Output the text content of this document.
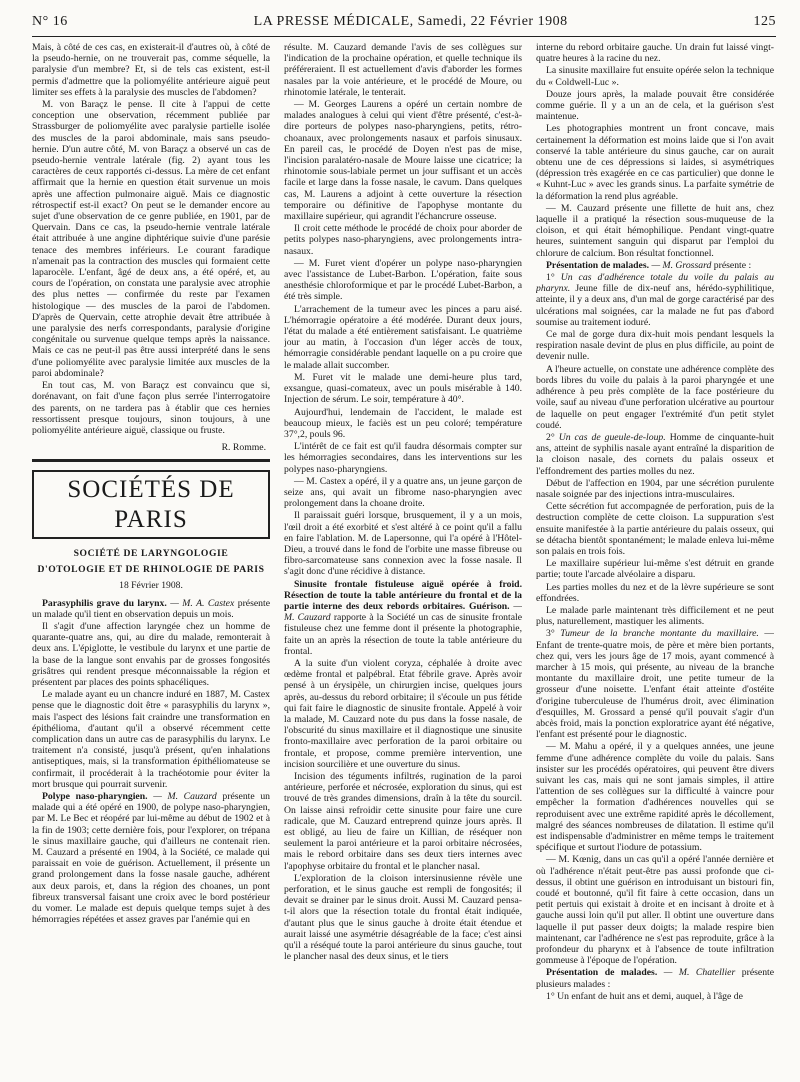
N° 16	LA PRESSE MÉDICALE, Samedi, 22 Février 1908	125

Mais, à côté de ces cas, en existerait-il d'autres où, à côté de la pseudo-hernie, on ne trouverait pas, comme séquelle, la paralysie d'un membre? Et, si de tels cas existent, est-il permis d'admettre que la poliomyélite antérieure aiguë peut limiter ses effets à la paralysie des muscles de l'abdomen?

M. von Baraçz le pense. Il cite à l'appui de cette conception une observation, récemment publiée par Strassburger de poliomyélite avec paralysie partielle isolée des muscles de la paroi abdominale, mais sans pseudo-hernie. D'un autre côté, M. von Baraçz a observé un cas de pseudo-hernie ventrale latérale (fig. 2) ayant tous les caractères de ceux rapportés ci-dessus. La mère de cet enfant affirmait que la hernie en question était survenue un mois après une affection pulmonaire aiguë. Mais ce diagnostic rétrospectif est-il exact? On peut se le demander encore au sujet d'une observation de ce genre publiée, en 1901, par de Quervain. Dans ce cas, la pseudo-hernie ventrale latérale était attribuée à une angine diphtérique suivie d'une parésie tenace des membres inférieurs. Le courant faradique n'amenait pas la contraction des muscles qui formaient cette laparocèle. L'enfant, âgé de deux ans, a été opéré, et, au cours de l'opération, on constata une paralysie avec atrophie des plus nettes — confirmée du reste par l'examen histologique — des muscles de la paroi de l'abdomen. D'après de Quervain, cette atrophie devait être attribuée à une paralysie des nerfs correspondants, paralysie d'origine congénitale ou survenue quelque temps après la naissance. Mais ce cas ne peut-il pas être aussi interprété dans le sens d'une poliomyélite avec paralysie limitée aux muscles de la paroi abdominale?

En tout cas, M. von Baraçz est convaincu que si, dorénavant, on fait d'une façon plus serrée l'interrogatoire des parents, on ne tardera pas à établir que ces hernies ressortissent presque toujours, sinon toujours, à une poliomyélite antérieure aiguë, classique ou fruste.

R. Romme.
SOCIÉTÉS DE PARIS
SOCIÉTÉ DE LARYNGOLOGIE
D'OTOLOGIE ET DE RHINOLOGIE DE PARIS
18 Février 1908.

Parasyphilis grave du larynx. — M. A. Castex présente un malade qu'il tient en observation depuis un mois.

Il s'agit d'une affection laryngée chez un homme de quarante-quatre ans, qui, au dire du malade, remonterait à deux ans. L'épiglotte, le vestibule du larynx et une partie de la base de la langue sont envahis par de grosses fongosités grisâtres qui rendent presque méconnaissable la région et présentent par places des points sphacéliques.

Le malade ayant eu un chancre induré en 1887, M. Castex pense que le diagnostic doit être « parasyphilis du larynx », mais l'aspect des lésions fait craindre une transformation en épithélioma, d'autant qu'il a observé récemment cette complication dans un autre cas de parasyphilis du larynx. Le traitement n'a consisté, jusqu'à présent, qu'en inhalations antiseptiques, mais, si la transformation épithéliomateuse se confirmait, il procéderait à la trachéotomie pour éviter la mort brusque qui pourrait survenir.

Polype naso-pharyngien. — M. Cauzard présente un malade qui a été opéré en 1900, de polype naso-pharyngien, par M. Le Bec et réopéré par lui-même au début de 1902 et à la fin de 1903; cette dernière fois, pour l'explorer, on trépana le sinus maxillaire gauche, qui d'ailleurs ne contenait rien. M. Cauzard a présenté en 1904, à la Société, ce malade qui paraissait en voie de guérison. Actuellement, il présente un grand prolongement dans la fosse nasale gauche, adhérent aux deux parois, et, dans la région des choanes, un pont fibreux transversal faisant une croix avec le bord postérieur du vomer. Le malade est depuis quelque temps sujet à des hémorragies répétées et assez graves par l'anémie qui en

résulte. M. Cauzard demande l'avis de ses collègues sur l'indication de la prochaine opération, et quelle technique ils préféreraient. Il est actuellement d'avis d'aborder les formes nasales par la voie antérieure, et le procédé de Moure, ou rhinotomie latérale, le tenterait.

— M. Georges Laurens a opéré un certain nombre de malades analogues à celui qui vient d'être présenté, c'est-à-dire porteurs de polypes naso-pharyngiens, petits, rétro-choanaux, avec prolongements nasaux et parfois sinusaux. En pareil cas, le procédé de Doyen n'est pas de mise, l'incision paralatéro-nasale de Moure laisse une cicatrice; la rhinotomie sous-labiale permet un jour suffisant et un accès facile et large dans la fosse nasale, le cavum. Dans quelques cas, M. Laurens a adjoint à cette ouverture la résection temporaire ou définitive de l'apophyse montante du maxillaire supérieur, qui agrandit l'échancrure osseuse.

Il croit cette méthode le procédé de choix pour aborder de petits polypes naso-pharyngiens, avec prolongements intra-nasaux.

— M. Furet vient d'opérer un polype naso-pharyngien avec l'assistance de Lubet-Barbon. L'opération, faite sous anesthésie chloroformique et par le procédé Lubet-Barbon, a été très simple.

L'arrachement de la tumeur avec les pinces a paru aisé. L'hémorragie opératoire a été modérée. Durant deux jours, l'état du malade a été entièrement satisfaisant. Le quatrième jour au matin, à l'occasion d'un léger accès de toux, hémorragie considérable pendant laquelle on a pu croire que le malade allait succomber.

M. Furet vit le malade une demi-heure plus tard, exsangue, quasi-comateux, avec un pouls misérable à 140. Injection de sérum. Le soir, température à 40°.

Aujourd'hui, lendemain de l'accident, le malade est beaucoup mieux, le faciès est un peu coloré; température 37°,2, pouls 96.

L'intérêt de ce fait est qu'il faudra désormais compter sur les hémorragies secondaires, dans les interventions sur les polypes naso-pharyngiens.

— M. Castex a opéré, il y a quatre ans, un jeune garçon de seize ans, qui avait un fibrome naso-pharyngien avec prolongement dans la choane droite.

Il paraissait guéri lorsque, brusquement, il y a un mois, l'œil droit a été exorbité et s'est altéré à ce point qu'il a fallu en faire l'ablation. M. de Lapersonne, qui l'a opéré à l'Hôtel-Dieu, a trouvé dans le fond de l'orbite une masse fibreuse ou fibro-sarcomateuse sans connexion avec la fosse nasale. Il s'agit donc d'une récidive à distance.

Sinusite frontale fistuleuse aiguë opérée à froid. Résection de toute la table antérieure du frontal et de la partie interne des deux rebords orbitaires. Guérison. — M. Cauzard rapporte à la Société un cas de sinusite frontale fistuleuse chez une femme dont il présente la photographie, faite un an après la résection de toute la table antérieure du frontal.

A la suite d'un violent coryza, céphalée à droite avec œdème frontal et palpébral. Etat fébrile grave. Après avoir pensé à un érysipèle, un chirurgien incise, quelques jours après, au-dessus du rebord orbitaire; il s'écoule un pus fétide qui fait faire le diagnostic de sinusite frontale. Appelé à voir la malade, M. Cauzard note du pus dans la fosse nasale, de l'obscurité du sinus maxillaire et il diagnostique une sinusite fronto-maxillaire avec perforation de la paroi orbitaire ou frontale, et propose, comme première intervention, une incision sourcilière et une ouverture du sinus.

Incision des téguments infiltrés, rugination de la paroi antérieure, perforée et nécrosée, exploration du sinus, qui est trouvé de très grandes dimensions, draîn à la tête du sourcil. On laisse ainsi refroidir cette sinusite pour faire une cure radicale, que M. Cauzard entreprend quinze jours après. Il est obligé, au lieu de faire un Killian, de réséquer non seulement la paroi antérieure et la paroi orbitaire nécrosées, mais le rebord orbitaire dans ses deux tiers internes avec l'apophyse orbitaire du frontal et le plancher nasal.

L'exploration de la cloison intersinusienne révèle une perforation, et le sinus gauche est rempli de fongosités; il devait se drainer par le sinus droit. Aussi M. Cauzard pensa-t-il alors que la résection totale du frontal était indiquée, d'autant plus que le sinus gauche à droite était étendue et aurait laissé une asymétrie désagréable de la face; c'est ainsi qu'il a réséqué toute la paroi antérieure du sinus gauche, tout le plancher nasal des deux sinus, et le tiers

interne du rebord orbitaire gauche. Un drain fut laissé vingt-quatre heures à la racine du nez.

La sinusite maxillaire fut ensuite opérée selon la technique du « Coldwell-Luc ».

Douze jours après, la malade pouvait être considérée comme guérie. Il y a un an de cela, et la guérison s'est maintenue.

Les photographies montrent un front concave, mais certainement la déformation est moins laide que si l'on avait conservé la table antérieure du sinus gauche, car on aurait obtenu une de ces dépressions si laides, si asymétriques (dépression très exagérée en ce cas particulier) que donne le « Kuhnt-Luc » avec les grands sinus. La parfaite symétrie de la déformation la rend plus agréable.

— M. Cauzard présente une fillette de huit ans, chez laquelle il a pratiqué la résection sous-muqueuse de la cloison, et qui était hémophilique. Pendant vingt-quatre heures, suintement sanguin qui disparut par l'emploi du chlorure de calcium. Bon résultat fonctionnel.

Présentation de malades. — M. Grossard présente :

1° Un cas d'adhérence totale du voile du palais au pharynx. Jeune fille de dix-neuf ans, hérédo-syphilitique, atteinte, il y a deux ans, d'un mal de gorge caractérisé par des ulcérations mal soignées, car la malade ne fut pas d'abord soumise au traitement ioduré.

Ce mal de gorge dura dix-huit mois pendant lesquels la respiration nasale devint de plus en plus difficile, au point de devenir nulle.

A l'heure actuelle, on constate une adhérence complète des bords libres du voile du palais à la paroi pharyngée et une adhérence à peu près complète de la face postérieure du voile, sauf au niveau d'une perforation ulcérative au pourtour de laquelle on peut engager l'extrémité d'un petit stylet coudé.

2° Un cas de gueule-de-loup. Homme de cinquante-huit ans, atteint de syphilis nasale ayant entraîné la disparition de la cloison nasale, des cornets du palais osseux et l'effondrement des parties molles du nez.

Début de l'affection en 1904, par une sécrétion purulente nasale soignée par des injections intra-musculaires.

Cette sécrétion fut accompagnée de perforation, puis de la destruction complète de cette cloison. La suppuration s'est ensuite manifestée à la partie antérieure du palais osseux, qui se détacha bientôt spontanément; le malade enleva lui-même son palais en trois fois.

Le maxillaire supérieur lui-même s'est détruit en grande partie; toute l'arcade alvéolaire a disparu.

Les parties molles du nez et de la lèvre supérieure se sont effondrées.

Le malade parle maintenant très difficilement et ne peut plus, naturellement, mastiquer les aliments.

3° Tumeur de la branche montante du maxillaire. — Enfant de trente-quatre mois, de père et mère bien portants, chez qui, vers les jours âge de 17 mois, ayant commencé à marcher à 15 mois, qui présente, au niveau de la branche montante du maxillaire droit, une petite tumeur de la grosseur d'une noisette. L'enfant était atteinte d'ostéite d'origine tuberculeuse de l'humérus droit, avec élimination d'esquilles, M. Grossard a pensé qu'il pouvait s'agir d'un abcès froid, mais la ponction exploratrice ayant été négative, l'enfant est présenté pour le diagnostic.

— M. Mahu a opéré, il y a quelques années, une jeune femme d'une adhérence complète du voile du palais. Sans insister sur les procédés opératoires, qui peuvent être divers suivant les cas, mais qui ne sont jamais simples, il attire l'attention de ses collègues sur la difficulté à vaincre pour empêcher la formation d'adhérences nouvelles qui se reproduisent avec une extrême rapidité après le décollement, malgré des séances nombreuses de dilatation. Il estime qu'il est indispensable d'administrer en même temps le traitement spécifique et surtout l'iodure de potassium.

— M. Kœnig, dans un cas qu'il a opéré l'année dernière et où l'adhérence n'était peut-être pas aussi profonde que ci-dessus, il obtint une guérison en introduisant un bistouri fin, coudé et boutonné, qu'il fit faire à cette occasion, dans un petit pertuis qui existait à droite et en incisant à droite et à gauche aussi loin qu'il put aller. Il obtint une ouverture dans laquelle il put passer deux doigts; la malade respire bien maintenant, car l'adhérence ne s'est pas reproduite, grâce à la profondeur du pharynx et à l'absence de toute infiltration gommeuse à l'époque de l'opération.

Présentation de malades. — M. Chatellier présente plusieurs malades :

1° Un enfant de huit ans et demi, auquel, à l'âge de
